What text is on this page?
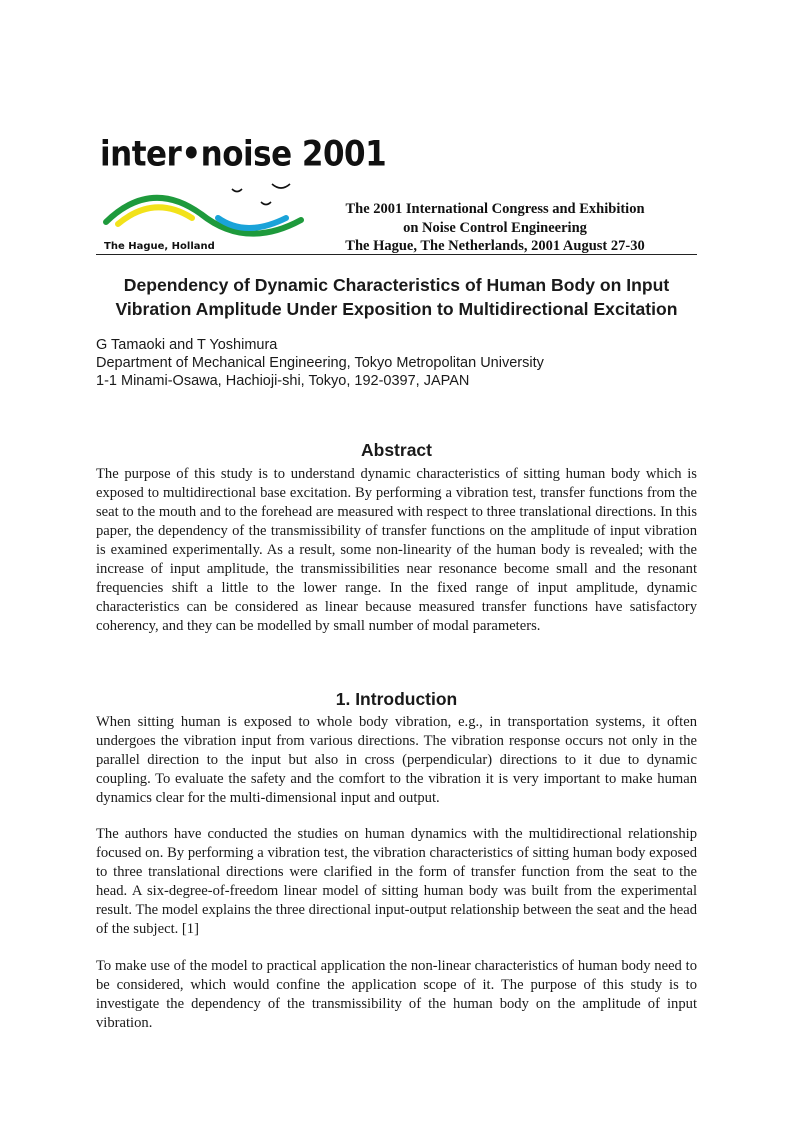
inter•noise 2001
The Hague, Holland
The 2001 International Congress and Exhibition
on Noise Control Engineering
The Hague, The Netherlands, 2001 August 27-30
Dependency of Dynamic Characteristics of Human Body on Input
Vibration Amplitude Under Exposition to Multidirectional Excitation
G Tamaoki and T Yoshimura
Department of Mechanical Engineering, Tokyo Metropolitan University
1-1 Minami-Osawa, Hachioji-shi, Tokyo, 192-0397, JAPAN
Abstract
The purpose of this study is to understand dynamic characteristics of sitting human body which is exposed to multidirectional base excitation. By performing a vibration test, transfer functions from the seat to the mouth and to the forehead are measured with respect to three translational directions. In this paper, the dependency of the transmissibility of transfer functions on the amplitude of input vibration is examined experimentally. As a result, some non-linearity of the human body is revealed; with the increase of input amplitude, the transmissibilities near resonance become small and the resonant frequencies shift a little to the lower range. In the fixed range of input amplitude, dynamic characteristics can be considered as linear because measured transfer functions have satisfactory coherency, and they can be modelled by small number of modal parameters.
1. Introduction
When sitting human is exposed to whole body vibration, e.g., in transportation systems, it often undergoes the vibration input from various directions. The vibration response occurs not only in the parallel direction to the input but also in cross (perpendicular) directions to it due to dynamic coupling. To evaluate the safety and the comfort to the vibration it is very important to make human dynamics clear for the multi-dimensional input and output.
The authors have conducted the studies on human dynamics with the multidirectional relationship focused on. By performing a vibration test, the vibration characteristics of sitting human body exposed to three translational directions were clarified in the form of transfer function from the seat to the head. A six-degree-of-freedom linear model of sitting human body was built from the experimental result. The model explains the three directional input-output relationship between the seat and the head of the subject. [1]
To make use of the model to practical application the non-linear characteristics of human body need to be considered, which would confine the application scope of it. The purpose of this study is to investigate the dependency of the transmissibility of the human body on the amplitude of input vibration.
